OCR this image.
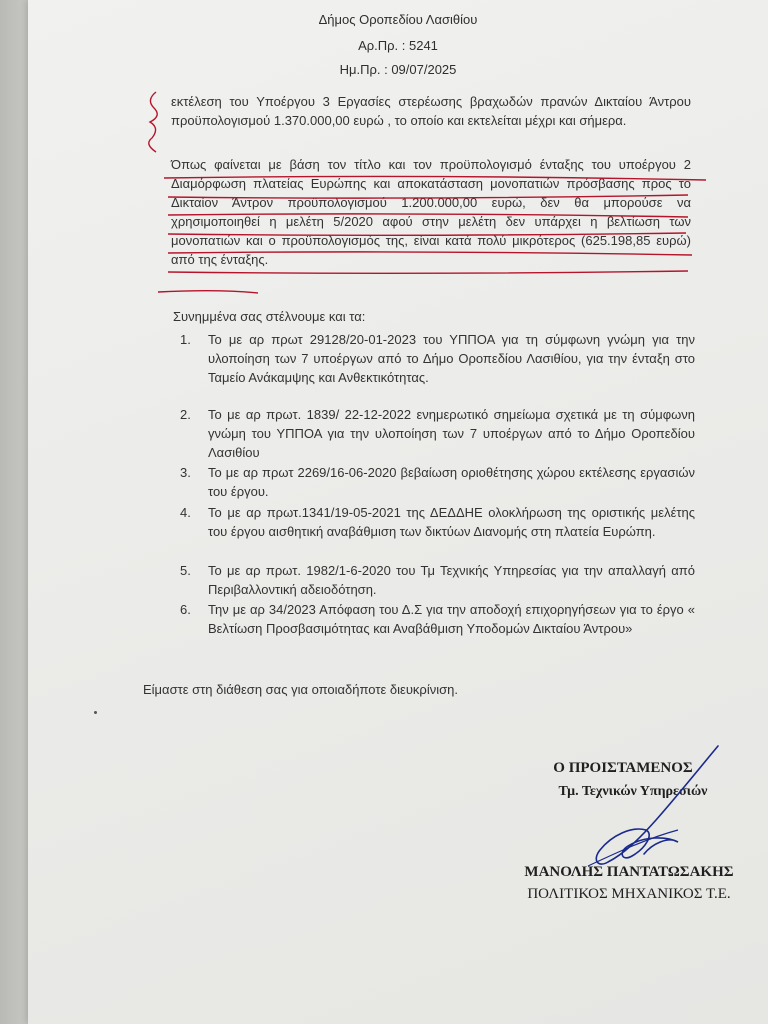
Δήμος Οροπεδίου Λασιθίου
Αρ.Πρ. : 5241
Ημ.Πρ. : 09/07/2025
εκτέλεση του Υποέργου 3 Εργασίες στερέωσης βραχωδών πρανών Δικταίου Άντρου προϋπολογισμού 1.370.000,00 ευρώ , το οποίο και εκτελείται μέχρι και σήμερα.
Όπως φαίνεται με βάση τον τίτλο και τον προϋπολογισμό ένταξης του υποέργου 2 Διαμόρφωση πλατείας Ευρώπης και αποκατάσταση μονοπατιών πρόσβασης προς το Δικταίον Άντρον προϋπολογισμού 1.200.000,00 ευρώ, δεν θα μπορούσε να χρησιμοποιηθεί η μελέτη 5/2020 αφού στην μελέτη δεν υπάρχει η βελτίωση των μονοπατιών και ο προϋπολογισμός της, είναι κατά πολύ μικρότερος (625.198,85 ευρώ) από της ένταξης.
Συνημμένα σας στέλνουμε και τα:
1. Το με αρ πρωτ 29128/20-01-2023 του ΥΠΠΟΑ για τη σύμφωνη γνώμη για την υλοποίηση των 7 υποέργων από το Δήμο Οροπεδίου Λασιθίου, για την ένταξη στο Ταμείο Ανάκαμψης και Ανθεκτικότητας.
2. Το με αρ πρωτ. 1839/ 22-12-2022 ενημερωτικό σημείωμα σχετικά με τη σύμφωνη γνώμη του ΥΠΠΟΑ για την υλοποίηση των 7 υποέργων από το Δήμο Οροπεδίου Λασιθίου
3. Το με αρ πρωτ 2269/16-06-2020 βεβαίωση οριοθέτησης χώρου εκτέλεσης εργασιών του έργου.
4. Το με αρ πρωτ.1341/19-05-2021 της ΔΕΔΔΗΕ ολοκλήρωση της οριστικής μελέτης του έργου αισθητική αναβάθμιση των δικτύων Διανομής στη πλατεία Ευρώπη.
5. Το με αρ πρωτ. 1982/1-6-2020 του Τμ Τεχνικής Υπηρεσίας για την απαλλαγή από Περιβαλλοντική αδειοδότηση.
6. Την με αρ 34/2023 Απόφαση του Δ.Σ για την αποδοχή επιχορηγήσεων για το έργο « Βελτίωση Προσβασιμότητας και Αναβάθμιση Υποδομών Δικταίου Άντρου»
Είμαστε στη διάθεση σας για οποιαδήποτε διευκρίνιση.
Ο ΠΡΟΙΣΤΑΜΕΝΟΣ
Τμ. Τεχνικών Υπηρεσιών
ΜΑΝΟΛΗΣ ΠΑΝΤΑΤΩΣΑΚΗΣ
ΠΟΛΙΤΙΚΟΣ ΜΗΧΑΝΙΚΟΣ Τ.Ε.
